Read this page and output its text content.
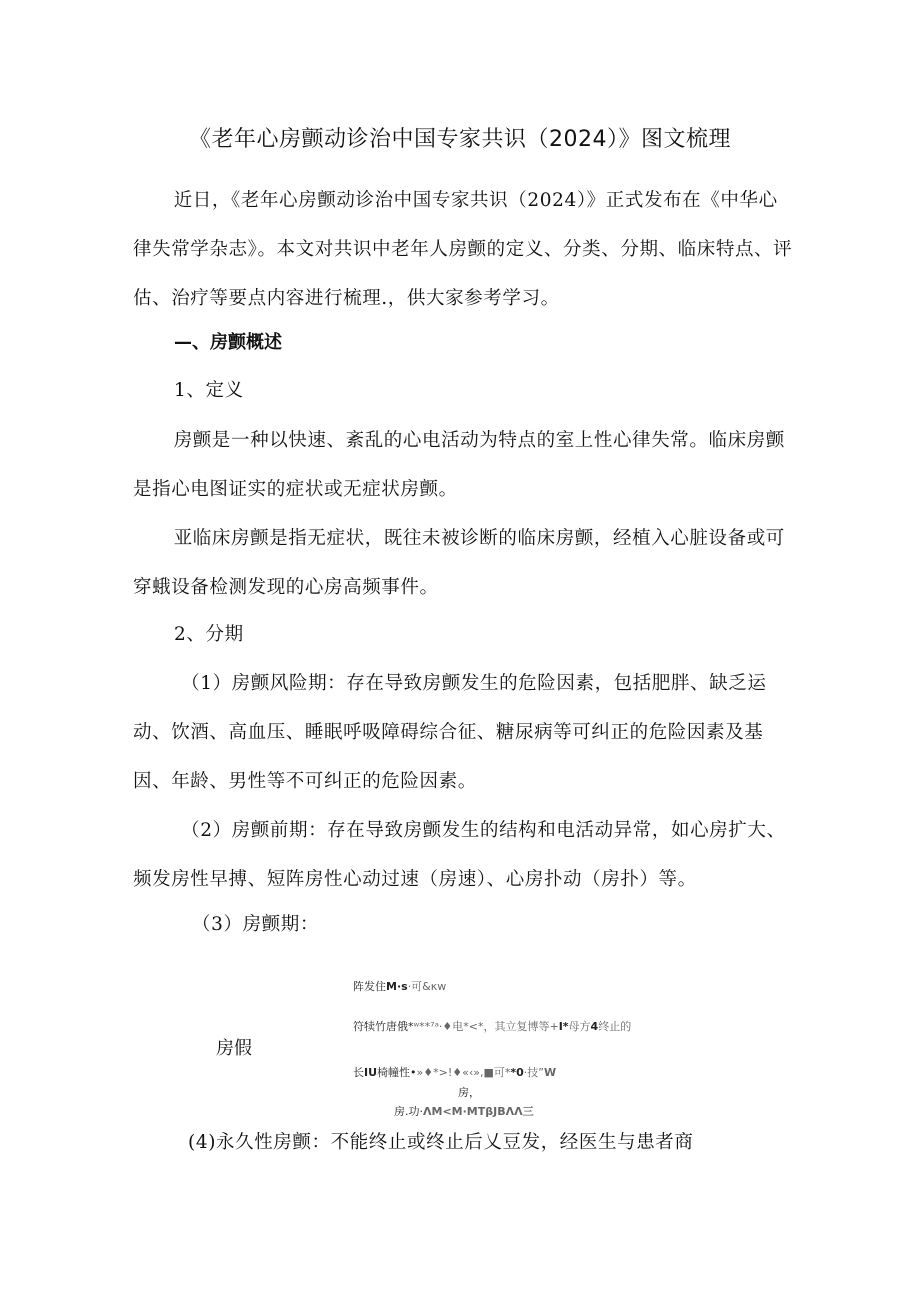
《老年心房颤动诊治中国专家共识（2024）》图文梳理

近日，《老年心房颤动诊治中国专家共识（2024）》正式发布在《中华心律失常学杂志》。本文对共识中老年人房颤的定义、分类、分期、临床特点、评估、治疗等要点内容进行梳理.，供大家参考学习。

—、房颤概述
1、定义

房颤是一种以快速、紊乱的心电活动为特点的室上性心律失常。临床房颤是指心电图证实的症状或无症状房颤。

亚临床房颤是指无症状，既往未被诊断的临床房颤，经植入心脏设备或可穿蛾设备检测发现的心房高频事件。

2、分期

（1）房颤风险期：存在导致房颤发生的危险因素，包括肥胖、缺乏运动、饮酒、高血压、睡眠呼吸障碍综合征、糖尿病等可纠正的危险因素及基因、年龄、男性等不可纠正的危险因素。

（2）房颤前期：存在导致房颤发生的结构和电活动异常，如心房扩大、频发房性早搏、短阵房性心动过速（房速）、心房扑动（房扑）等。

（3）房颤期：
房假
阵发住M·s·可&κw
符犊竹唐俄*ʷ**⁷ᵃ·♦电*<*，其立复博等+I*母方4终止的
长IU椅幢性•»♦*>!♦«‹»,■可**0·技”W
房，
房.功·ΛΜ<Μ·ΜΤβJΒΛΛ三
(4)永久性房颤：不能终止或终止后乂豆发，经医生与患者商
